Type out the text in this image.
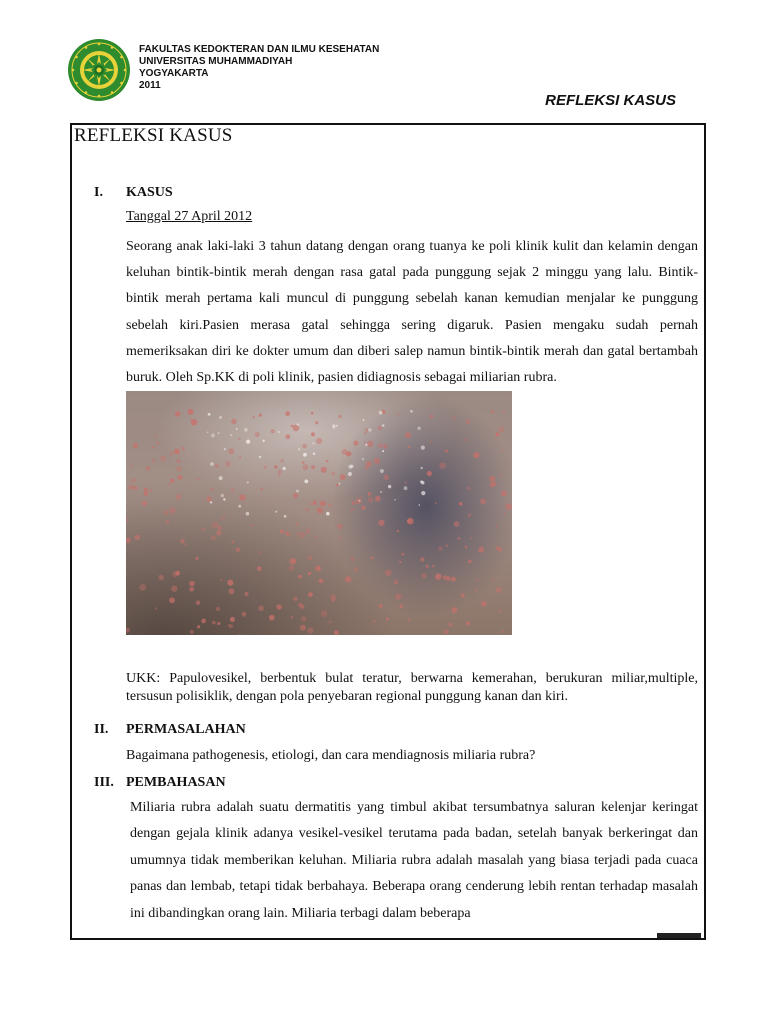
FAKULTAS KEDOKTERAN DAN ILMU KESEHATAN
UNIVERSITAS MUHAMMADIYAH
YOGYAKARTA
2011
REFLEKSI KASUS
REFLEKSI KASUS
I. KASUS
Tanggal 27 April 2012

Seorang anak laki-laki 3 tahun datang dengan orang tuanya ke poli klinik kulit dan kelamin dengan keluhan bintik-bintik merah dengan rasa gatal pada punggung sejak 2 minggu yang lalu. Bintik- bintik merah pertama kali muncul di punggung sebelah kanan kemudian menjalar ke punggung sebelah kiri.Pasien merasa gatal sehingga sering digaruk. Pasien mengaku sudah pernah memeriksakan diri ke dokter umum dan diberi salep namun bintik-bintik merah dan gatal bertambah buruk. Oleh Sp.KK di poli klinik, pasien didiagnosis sebagai miliarian rubra.

UKK: Papulovesikel, berbentuk bulat teratur, berwarna kemerahan, berukuran miliar,multiple, tersusun polisiklik, dengan pola penyebaran regional punggung kanan dan kiri.

II. PERMASALAHAN
Bagaimana pathogenesis, etiologi, dan cara mendiagnosis miliaria rubra?
III. PEMBAHASAN

Miliaria rubra adalah suatu dermatitis yang timbul akibat tersumbatnya saluran kelenjar keringat dengan gejala klinik adanya vesikel-vesikel terutama pada badan, setelah banyak berkeringat dan umumnya tidak memberikan keluhan. Miliaria rubra adalah masalah yang biasa terjadi pada cuaca panas dan lembab, tetapi tidak berbahaya. Beberapa orang cenderung lebih rentan terhadap masalah ini dibandingkan orang lain. Miliaria terbagi dalam beberapa
